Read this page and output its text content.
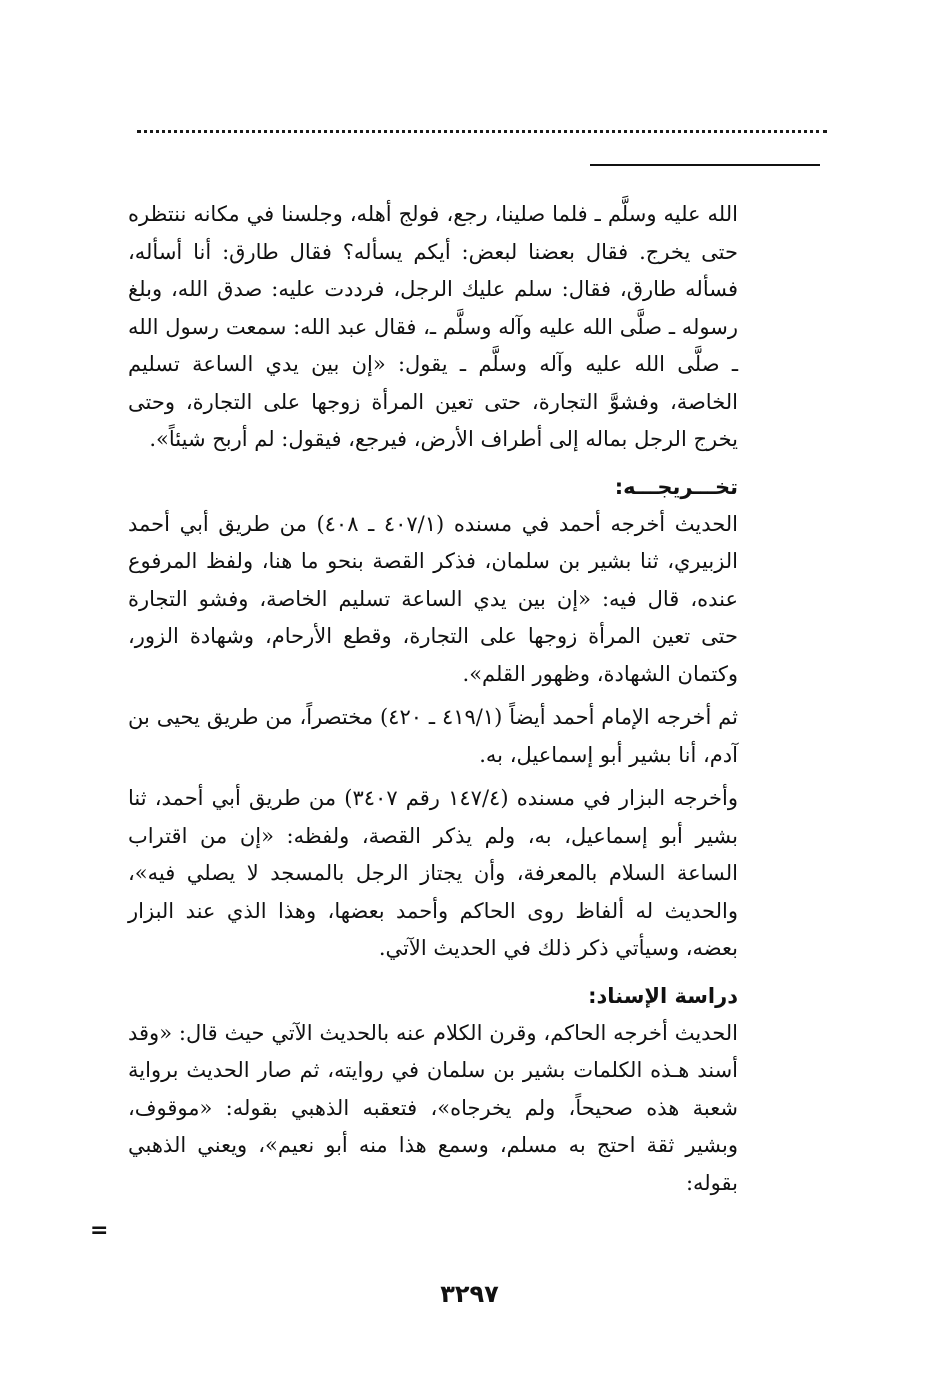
الله عليه وسلَّم ـ فلما صلينا، رجع، فولج أهله، وجلسنا في مكانه ننتظره حتى يخرج. فقال بعضنا لبعض: أيكم يسأله؟ فقال طارق: أنا أسأله، فسأله طارق، فقال: سلم عليك الرجل، فرددت عليه: صدق الله، وبلغ رسوله ـ صلَّى الله عليه وآله وسلَّم ـ، فقال عبد الله: سمعت رسول الله ـ صلَّى الله عليه وآله وسلَّم ـ يقول: «إن بين يدي الساعة تسليم الخاصة، وفشوَّ التجارة، حتى تعين المرأة زوجها على التجارة، وحتى يخرج الرجل بماله إلى أطراف الأرض، فيرجع، فيقول: لم أربح شيئاً».

تخـــريجـــه:

الحديث أخرجه أحمد في مسنده (٤٠٧/١ ـ ٤٠٨) من طريق أبي أحمد الزبيري، ثنا بشير بن سلمان، فذكر القصة بنحو ما هنا، ولفظ المرفوع عنده، قال فيه: «إن بين يدي الساعة تسليم الخاصة، وفشو التجارة حتى تعين المرأة زوجها على التجارة، وقطع الأرحام، وشهادة الزور، وكتمان الشهادة، وظهور القلم».

ثم أخرجه الإمام أحمد أيضاً (٤١٩/١ ـ ٤٢٠) مختصراً، من طريق يحيى بن آدم، أنا بشير أبو إسماعيل، به.

وأخرجه البزار في مسنده (١٤٧/٤ رقم ٣٤٠٧) من طريق أبي أحمد، ثنا بشير أبو إسماعيل، به، ولم يذكر القصة، ولفظه: «إن من اقتراب الساعة السلام بالمعرفة، وأن يجتاز الرجل بالمسجد لا يصلي فيه»، والحديث له ألفاظ روى الحاكم وأحمد بعضها، وهذا الذي عند البزار بعضه، وسيأتي ذكر ذلك في الحديث الآتي.

دراسة الإسناد:

الحديث أخرجه الحاكم، وقرن الكلام عنه بالحديث الآتي حيث قال: «وقد أسند هـذه الكلمات بشير بن سلمان في روايته، ثم صار الحديث برواية شعبة هذه صحيحاً، ولم يخرجاه»، فتعقبه الذهبي بقوله: «موقوف، وبشير ثقة احتج به مسلم، وسمع هذا منه أبو نعيم»، ويعني الذهبي بقوله:

=
٣٢٩٧
